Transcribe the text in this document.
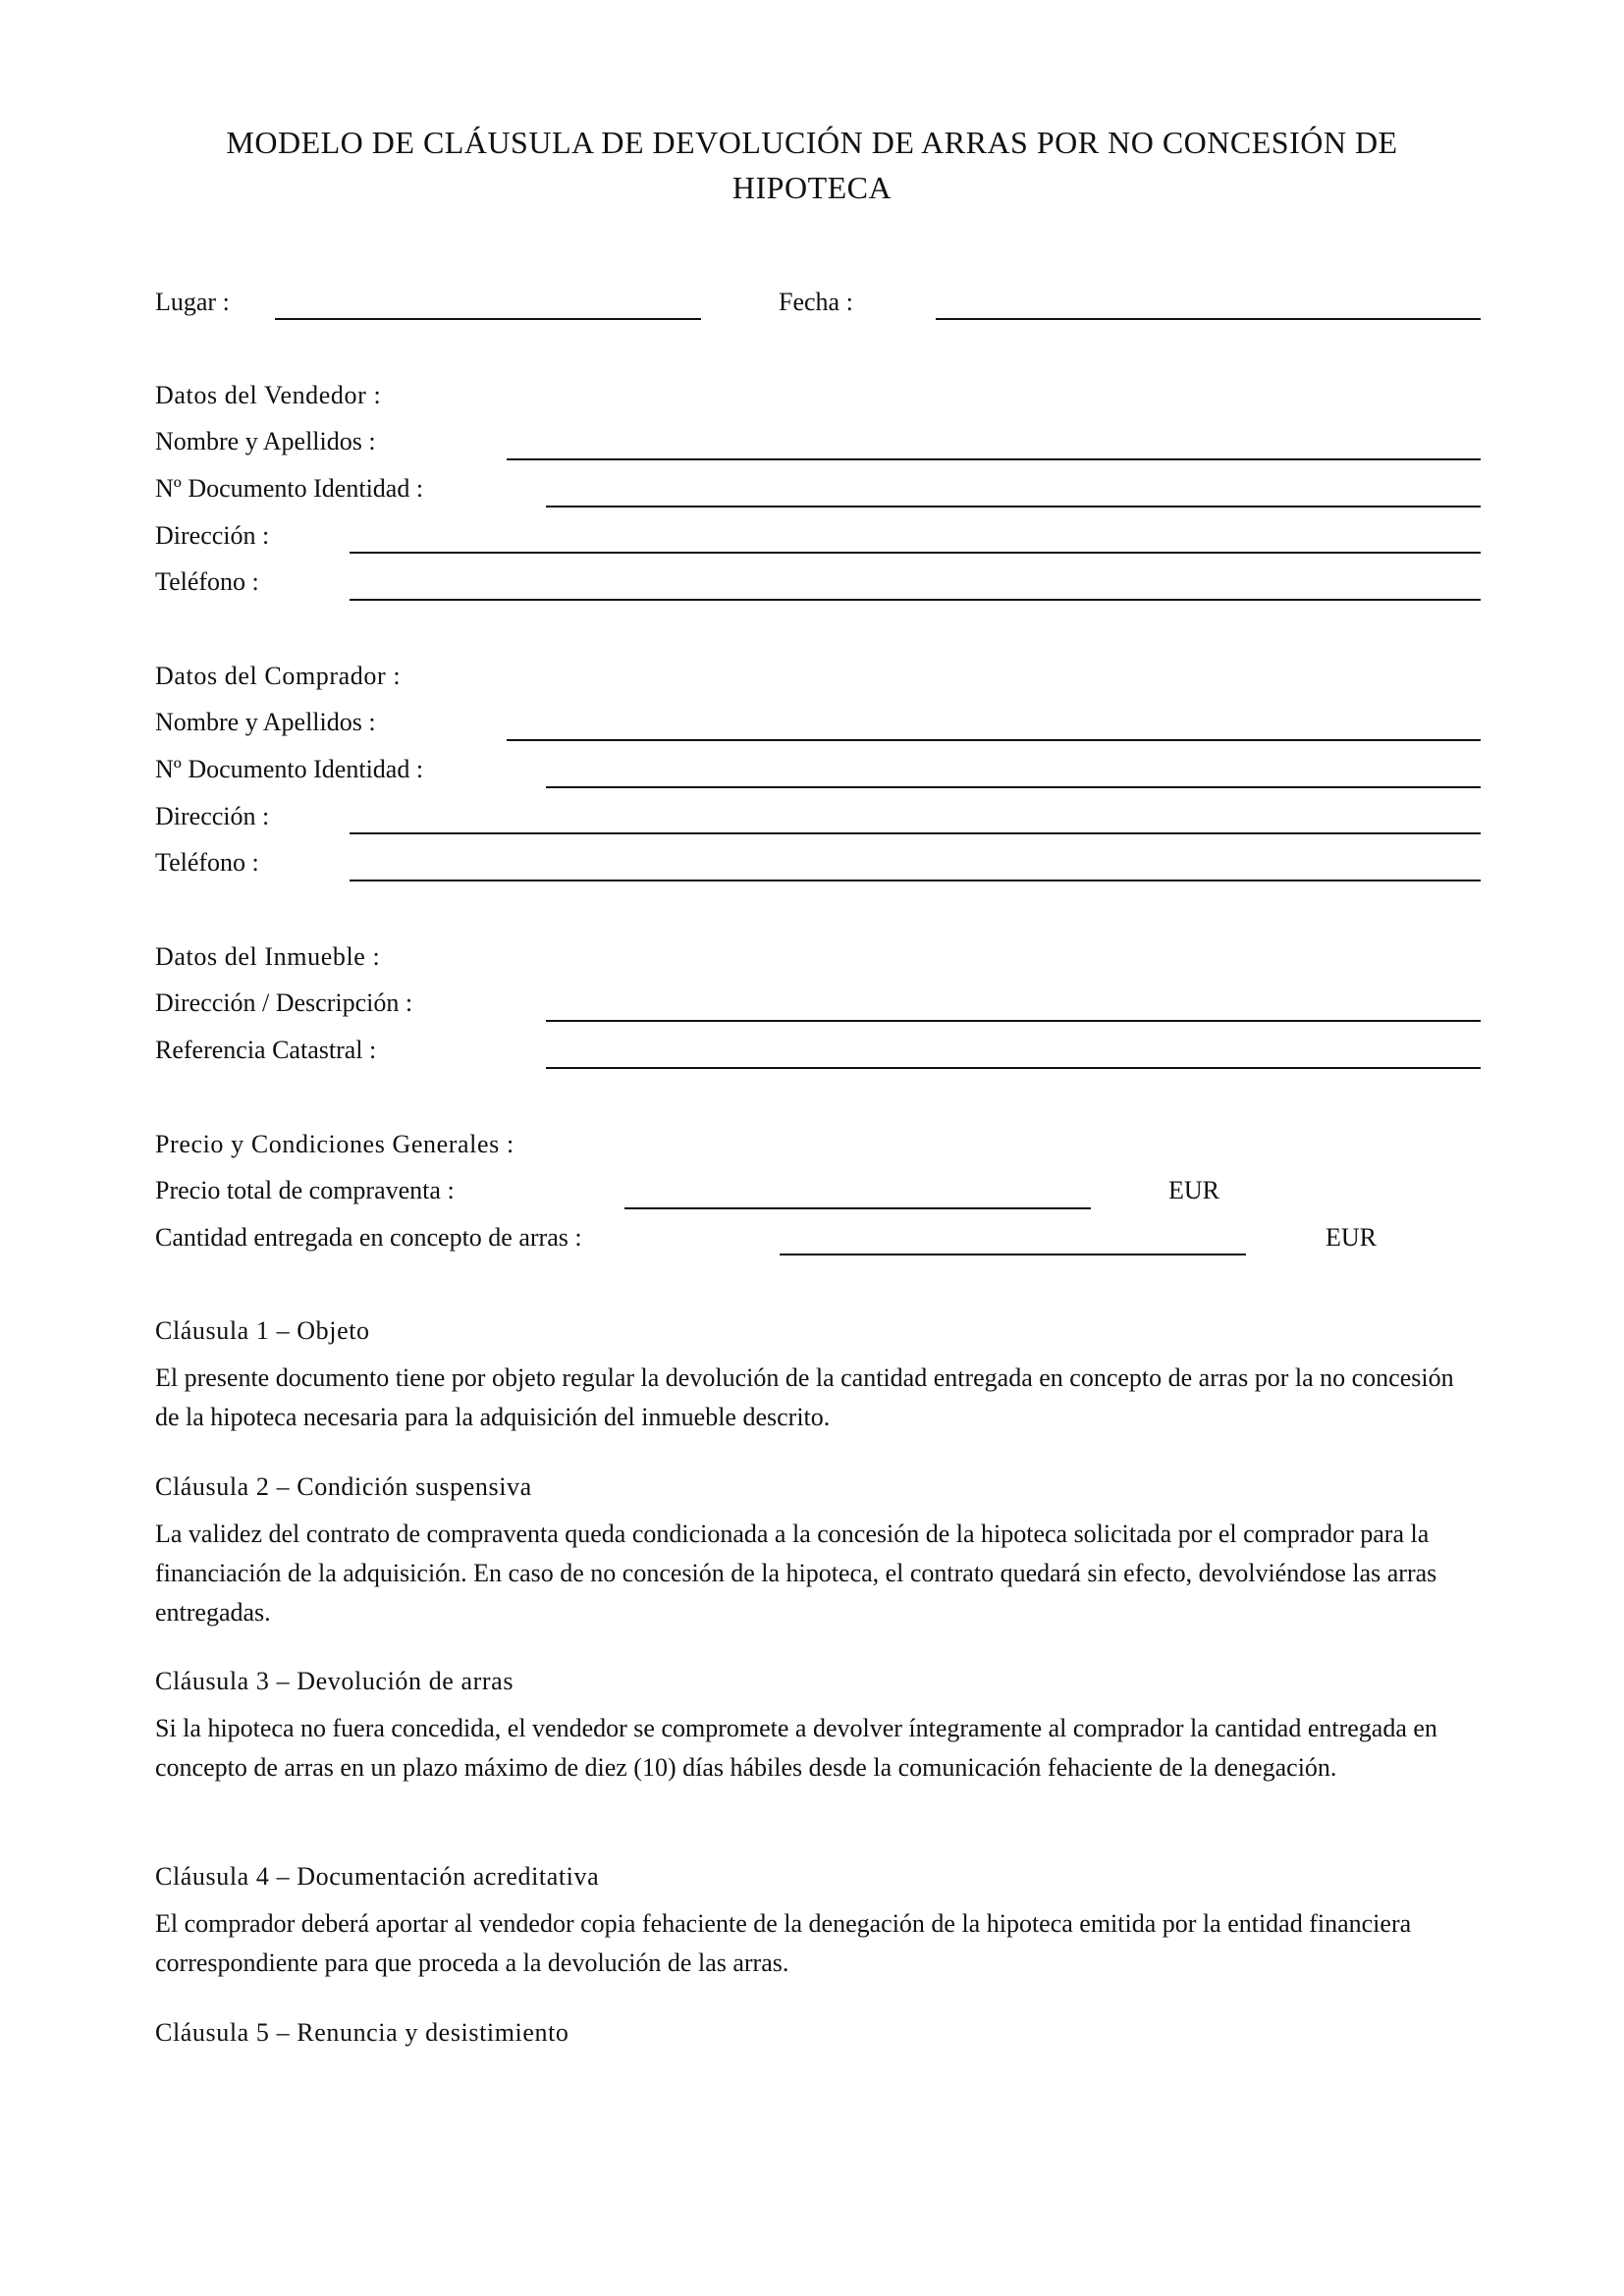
MODELO DE CLÁUSULA DE DEVOLUCIÓN DE ARRAS POR NO CONCESIÓN DE HIPOTECA
Lugar :	Fecha :
Datos del Vendedor :
Nombre y Apellidos :
Nº Documento Identidad :
Dirección :
Teléfono :
Datos del Comprador :
Nombre y Apellidos :
Nº Documento Identidad :
Dirección :
Teléfono :
Datos del Inmueble :
Dirección / Descripción :
Referencia Catastral :
Precio y Condiciones Generales :
Precio total de compraventa :	EUR
Cantidad entregada en concepto de arras :	EUR
Cláusula 1 – Objeto
El presente documento tiene por objeto regular la devolución de la cantidad entregada en concepto de arras por la no concesión de la hipoteca necesaria para la adquisición del inmueble descrito.
Cláusula 2 – Condición suspensiva
La validez del contrato de compraventa queda condicionada a la concesión de la hipoteca solicitada por el comprador para la financiación de la adquisición. En caso de no concesión de la hipoteca, el contrato quedará sin efecto, devolviéndose las arras entregadas.
Cláusula 3 – Devolución de arras
Si la hipoteca no fuera concedida, el vendedor se compromete a devolver íntegramente al comprador la cantidad entregada en concepto de arras en un plazo máximo de diez (10) días hábiles desde la comunicación fehaciente de la denegación.
Cláusula 4 – Documentación acreditativa
El comprador deberá aportar al vendedor copia fehaciente de la denegación de la hipoteca emitida por la entidad financiera correspondiente para que proceda a la devolución de las arras.
Cláusula 5 – Renuncia y desistimiento
